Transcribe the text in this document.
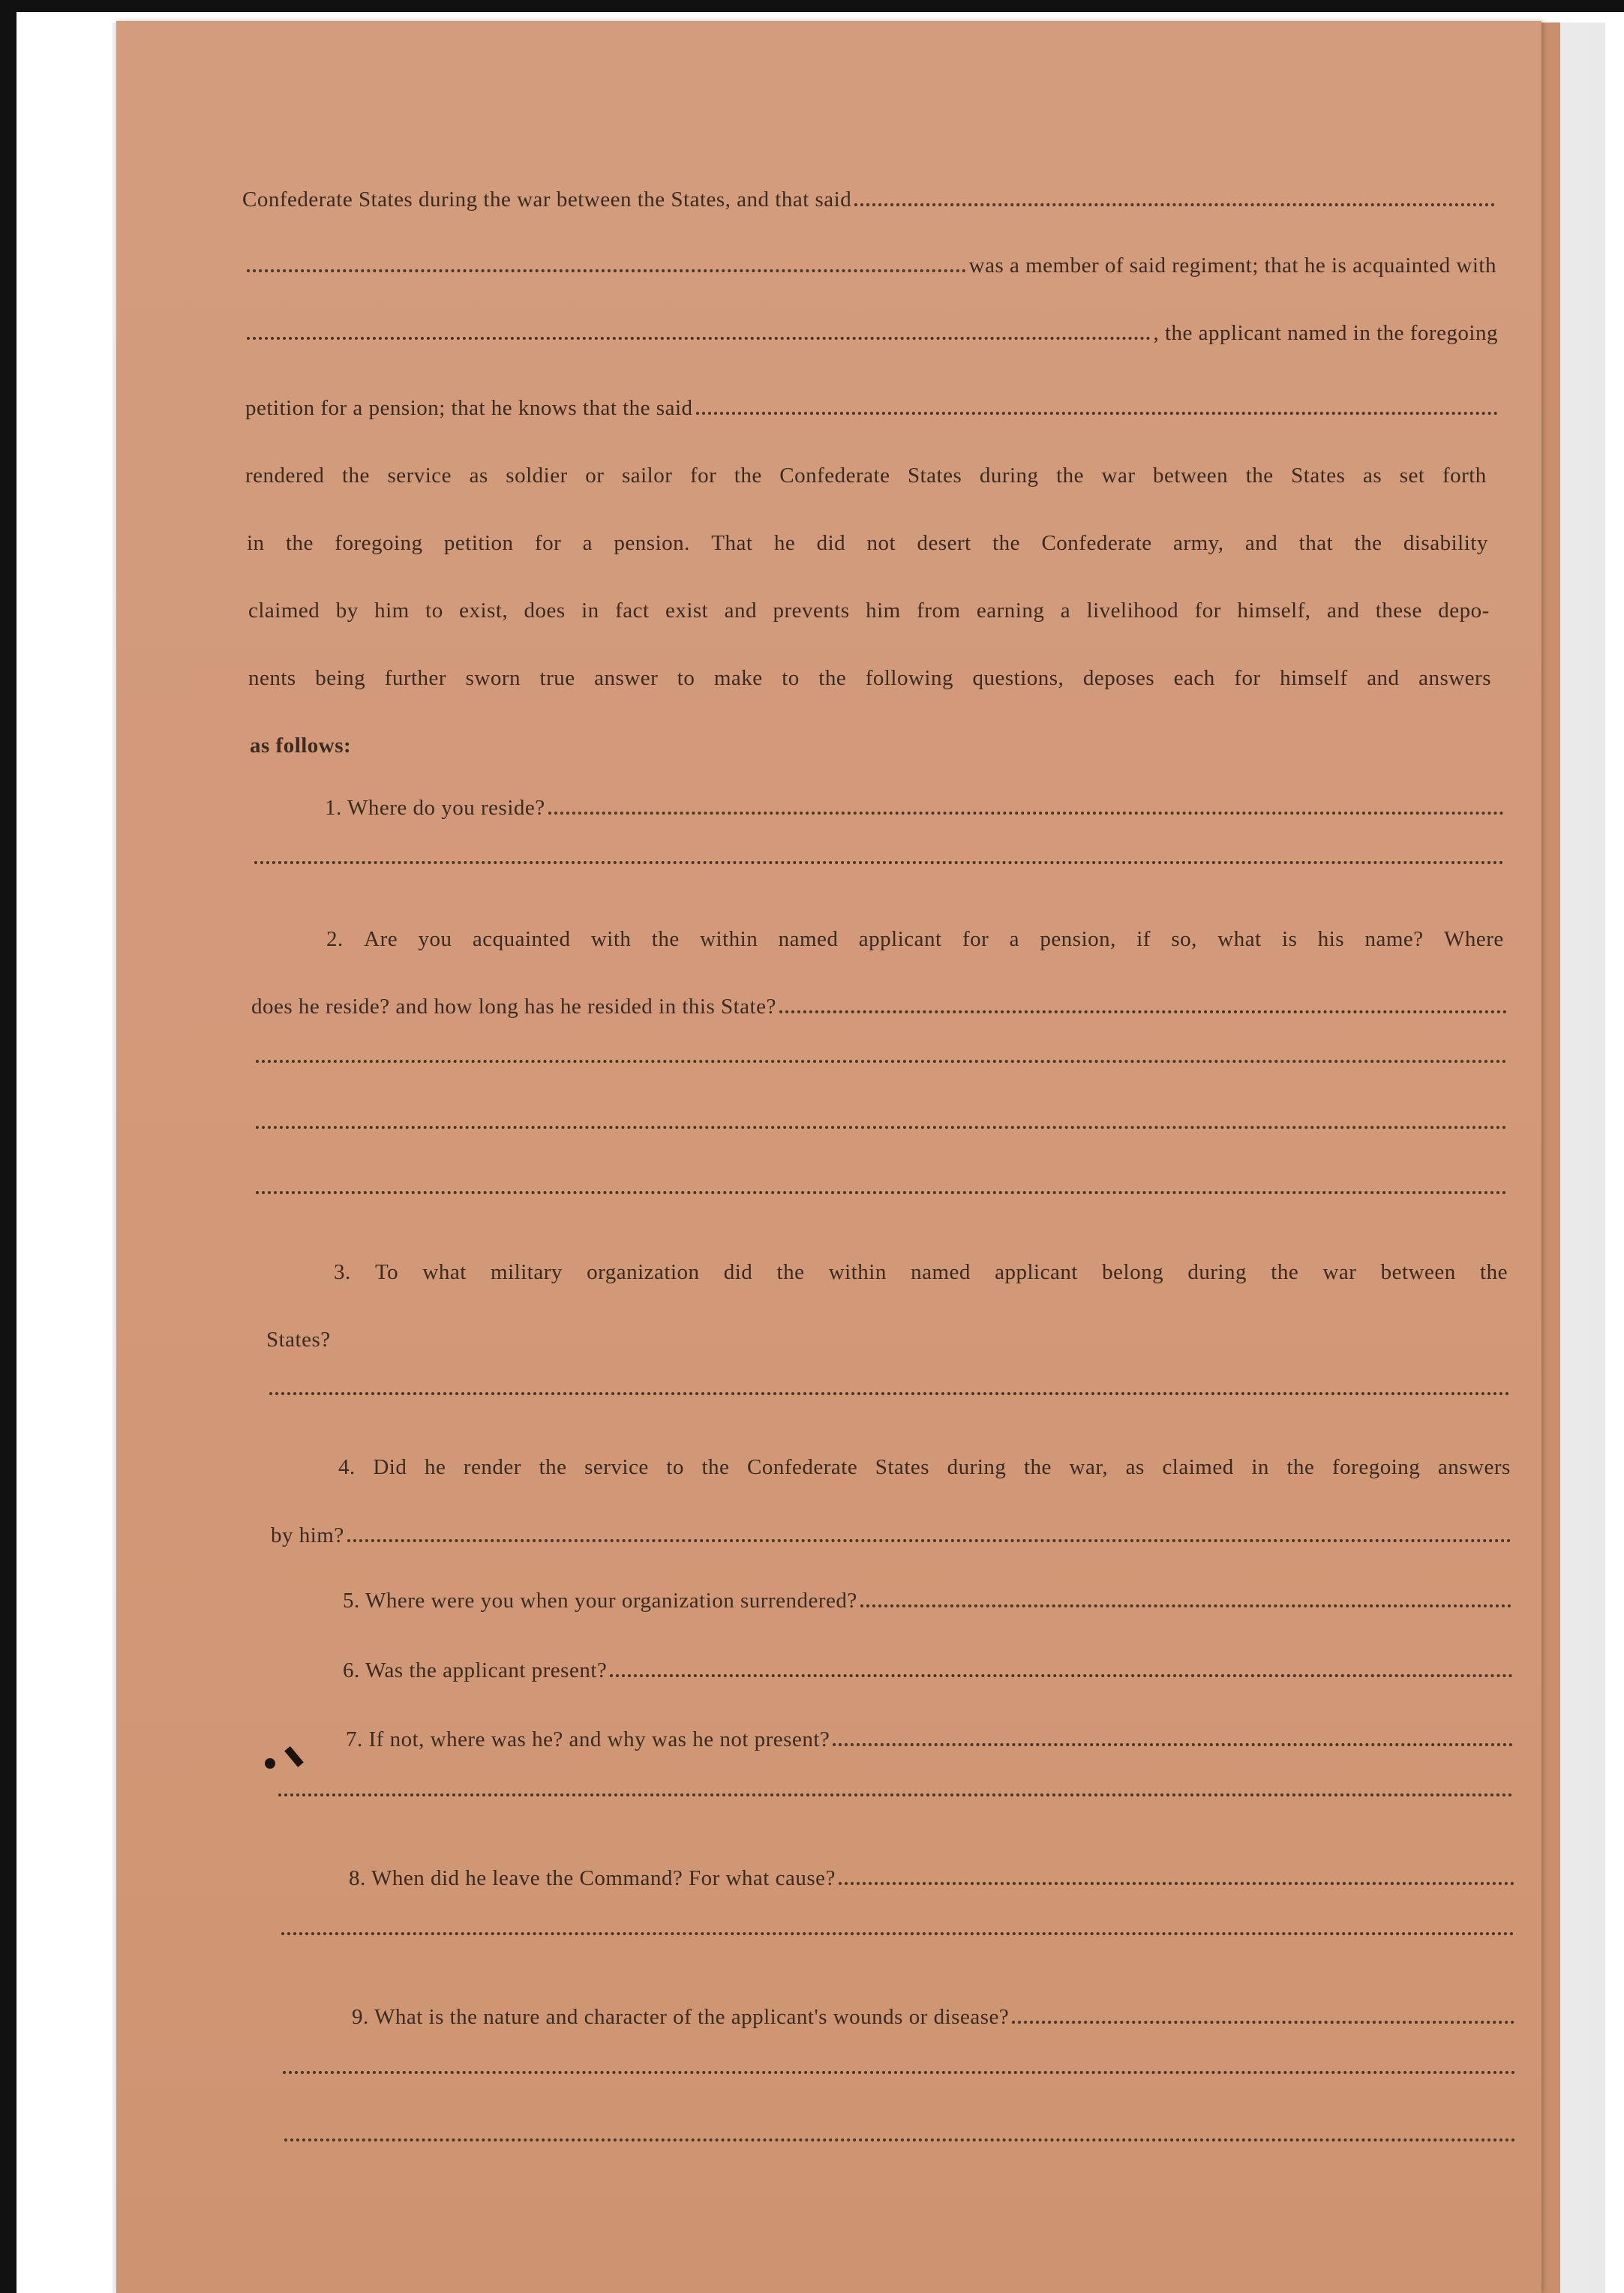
Confederate States during the war between the States, and that said
was a member of said regiment; that he is acquainted with
, the applicant named in the foregoing
petition for a pension; that he knows that the said
rendered the service as soldier or sailor for the Confederate States during the war between the States as set forth
in the foregoing petition for a pension. That he did not desert the Confederate army, and that the disability
claimed by him to exist, does in fact exist and prevents him from earning a livelihood for himself, and these depo-
nents being further sworn true answer to make to the following questions, deposes each for himself and answers
as follows:
1. Where do you reside?
2. Are you acquainted with the within named applicant for a pension, if so, what is his name? Where
does he reside? and how long has he resided in this State?
3. To what military organization did the within named applicant belong during the war between the
States?
4. Did he render the service to the Confederate States during the war, as claimed in the foregoing answers
by him?
5. Where were you when your organization surrendered?
6. Was the applicant present?
7. If not, where was he? and why was he not present?
8. When did he leave the Command? For what cause?
9. What is the nature and character of the applicant's wounds or disease?
